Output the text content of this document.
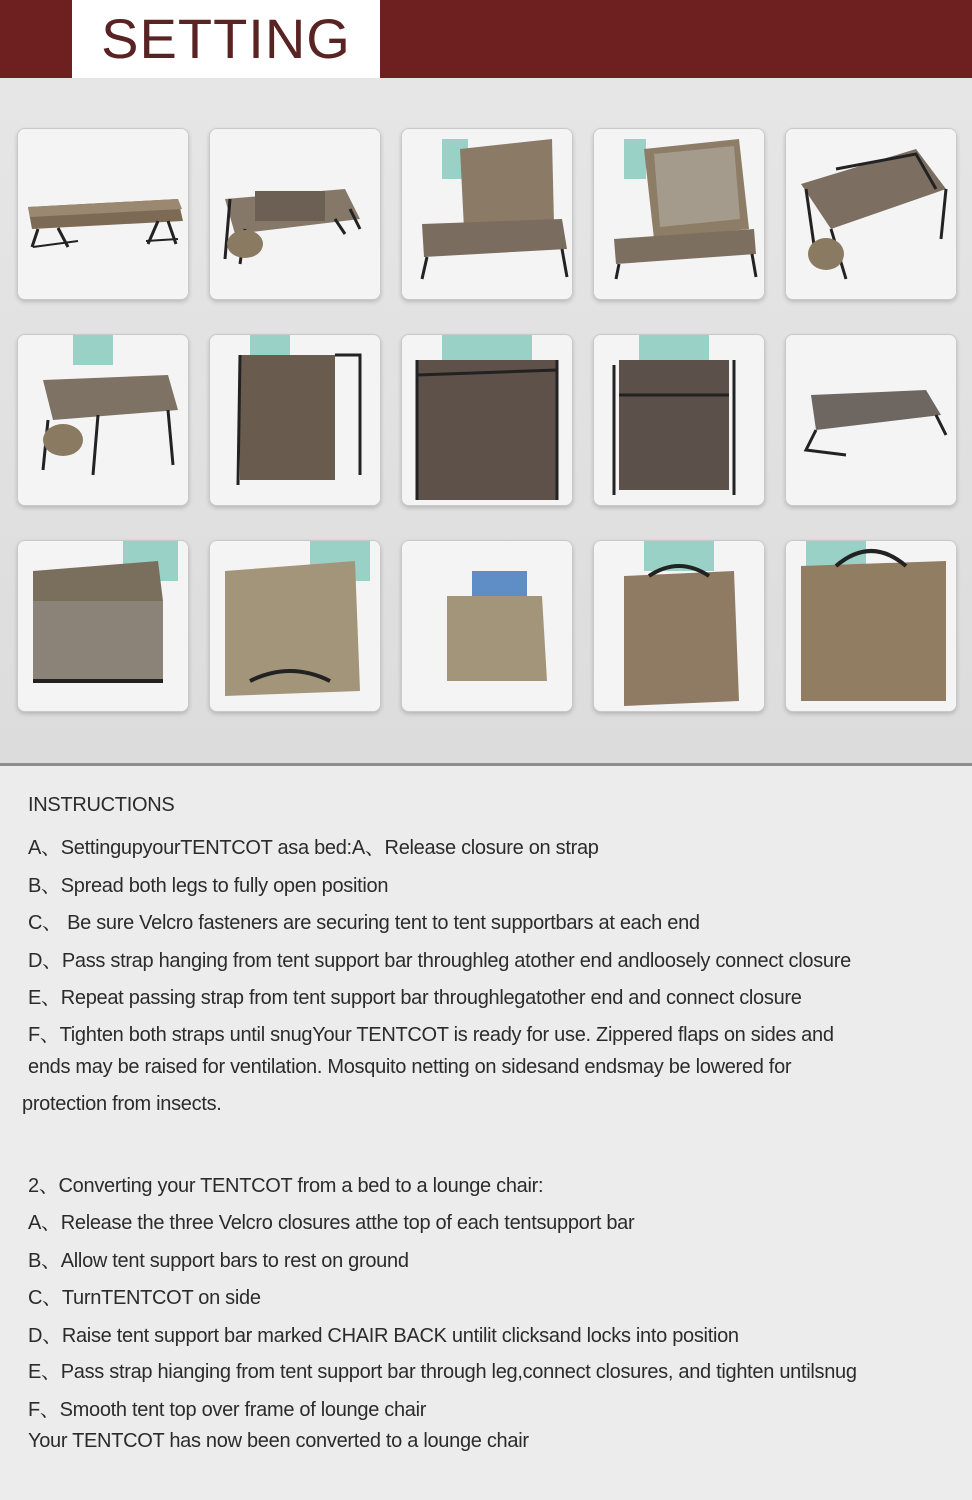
SETTING
INSTRUCTIONS
A、SettingupyourTENTCOT asa bed:A、Release closure on strap
B、Spread both legs to fully open position
C、 Be sure Velcro fasteners are securing tent to tent supportbars at each end
D、Pass strap hanging from tent support bar throughleg atother end andloosely connect closure
E、Repeat passing strap from tent support bar throughlegatother end and connect closure
F、Tighten both straps until snugYour TENTCOT is ready for use. Zippered flaps on sides and
ends may be raised for ventilation. Mosquito netting on sidesand endsmay be lowered for
protection from insects.
2、Converting your TENTCOT from a bed to a lounge chair:
A、Release the three Velcro closures atthe top of each tentsupport bar
B、Allow tent support bars to rest on ground
C、TurnTENTCOT on side
D、Raise tent support bar marked CHAIR BACK untilit clicksand locks into position
E、Pass strap hianging from tent support bar through leg,connect closures, and tighten untilsnug
F、Smooth tent top over frame of lounge chair
Your TENTCOT has now been converted to a lounge chair
